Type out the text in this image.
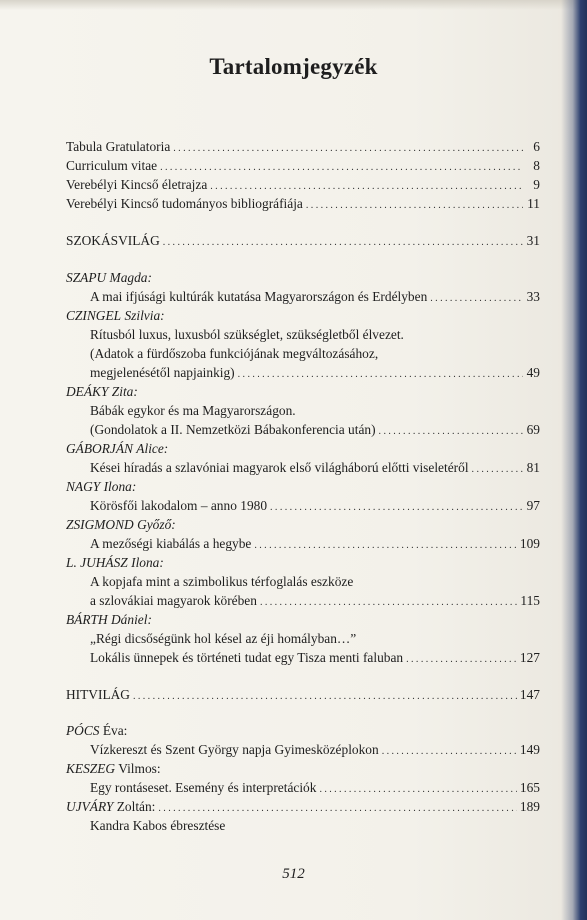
Tartalomjegyzék
Tabula Gratulatoria .....	6
Curriculum vitae .....	8
Verebélyi Kincső életrajza .....	9
Verebélyi Kincső tudományos bibliográfiája .....	11
SZOKÁSVILÁG .....	31
SZAPU Magda:
A mai ifjúsági kultúrák kutatása Magyarországon és Erdélyben .....	33
CZINGEL Szilvia:
Rítusból luxus, luxusból szükséglet, szükségletből élvezet.
(Adatok a fürdőszoba funkciójának megváltozásához,
megjelenésétől napjainkig) .....	49
DEÁKY Zita:
Bábák egykor és ma Magyarországon.
(Gondolatok a II. Nemzetközi Bábakonferencia után) .....	69
GÁBORJÁN Alice:
Kései híradás a szlavóniai magyarok első világháború előtti viseletéről .....	81
NAGY Ilona:
Körösfői lakodalom – anno 1980 .....	97
ZSIGMOND Győző:
A mezőségi kiabálás a hegybe .....	109
L. JUHÁSZ Ilona:
A kopjafa mint a szimbolikus térfoglalás eszköze
a szlovákiai magyarok körében .....	115
BÁRTH Dániel:
„Régi dicsőségünk hol késel az éji homályban…”
Lokális ünnepek és történeti tudat egy Tisza menti faluban .....	127
HITVILÁG .....	147
PÓCS Éva:
Vízkereszt és Szent György napja Gyimesközéplokon .....	149
KESZEG Vilmos:
Egy rontáseset. Esemény és interpretációk .....	165
UJVÁRY Zoltán: .....	189
Kandra Kabos ébresztése
512
